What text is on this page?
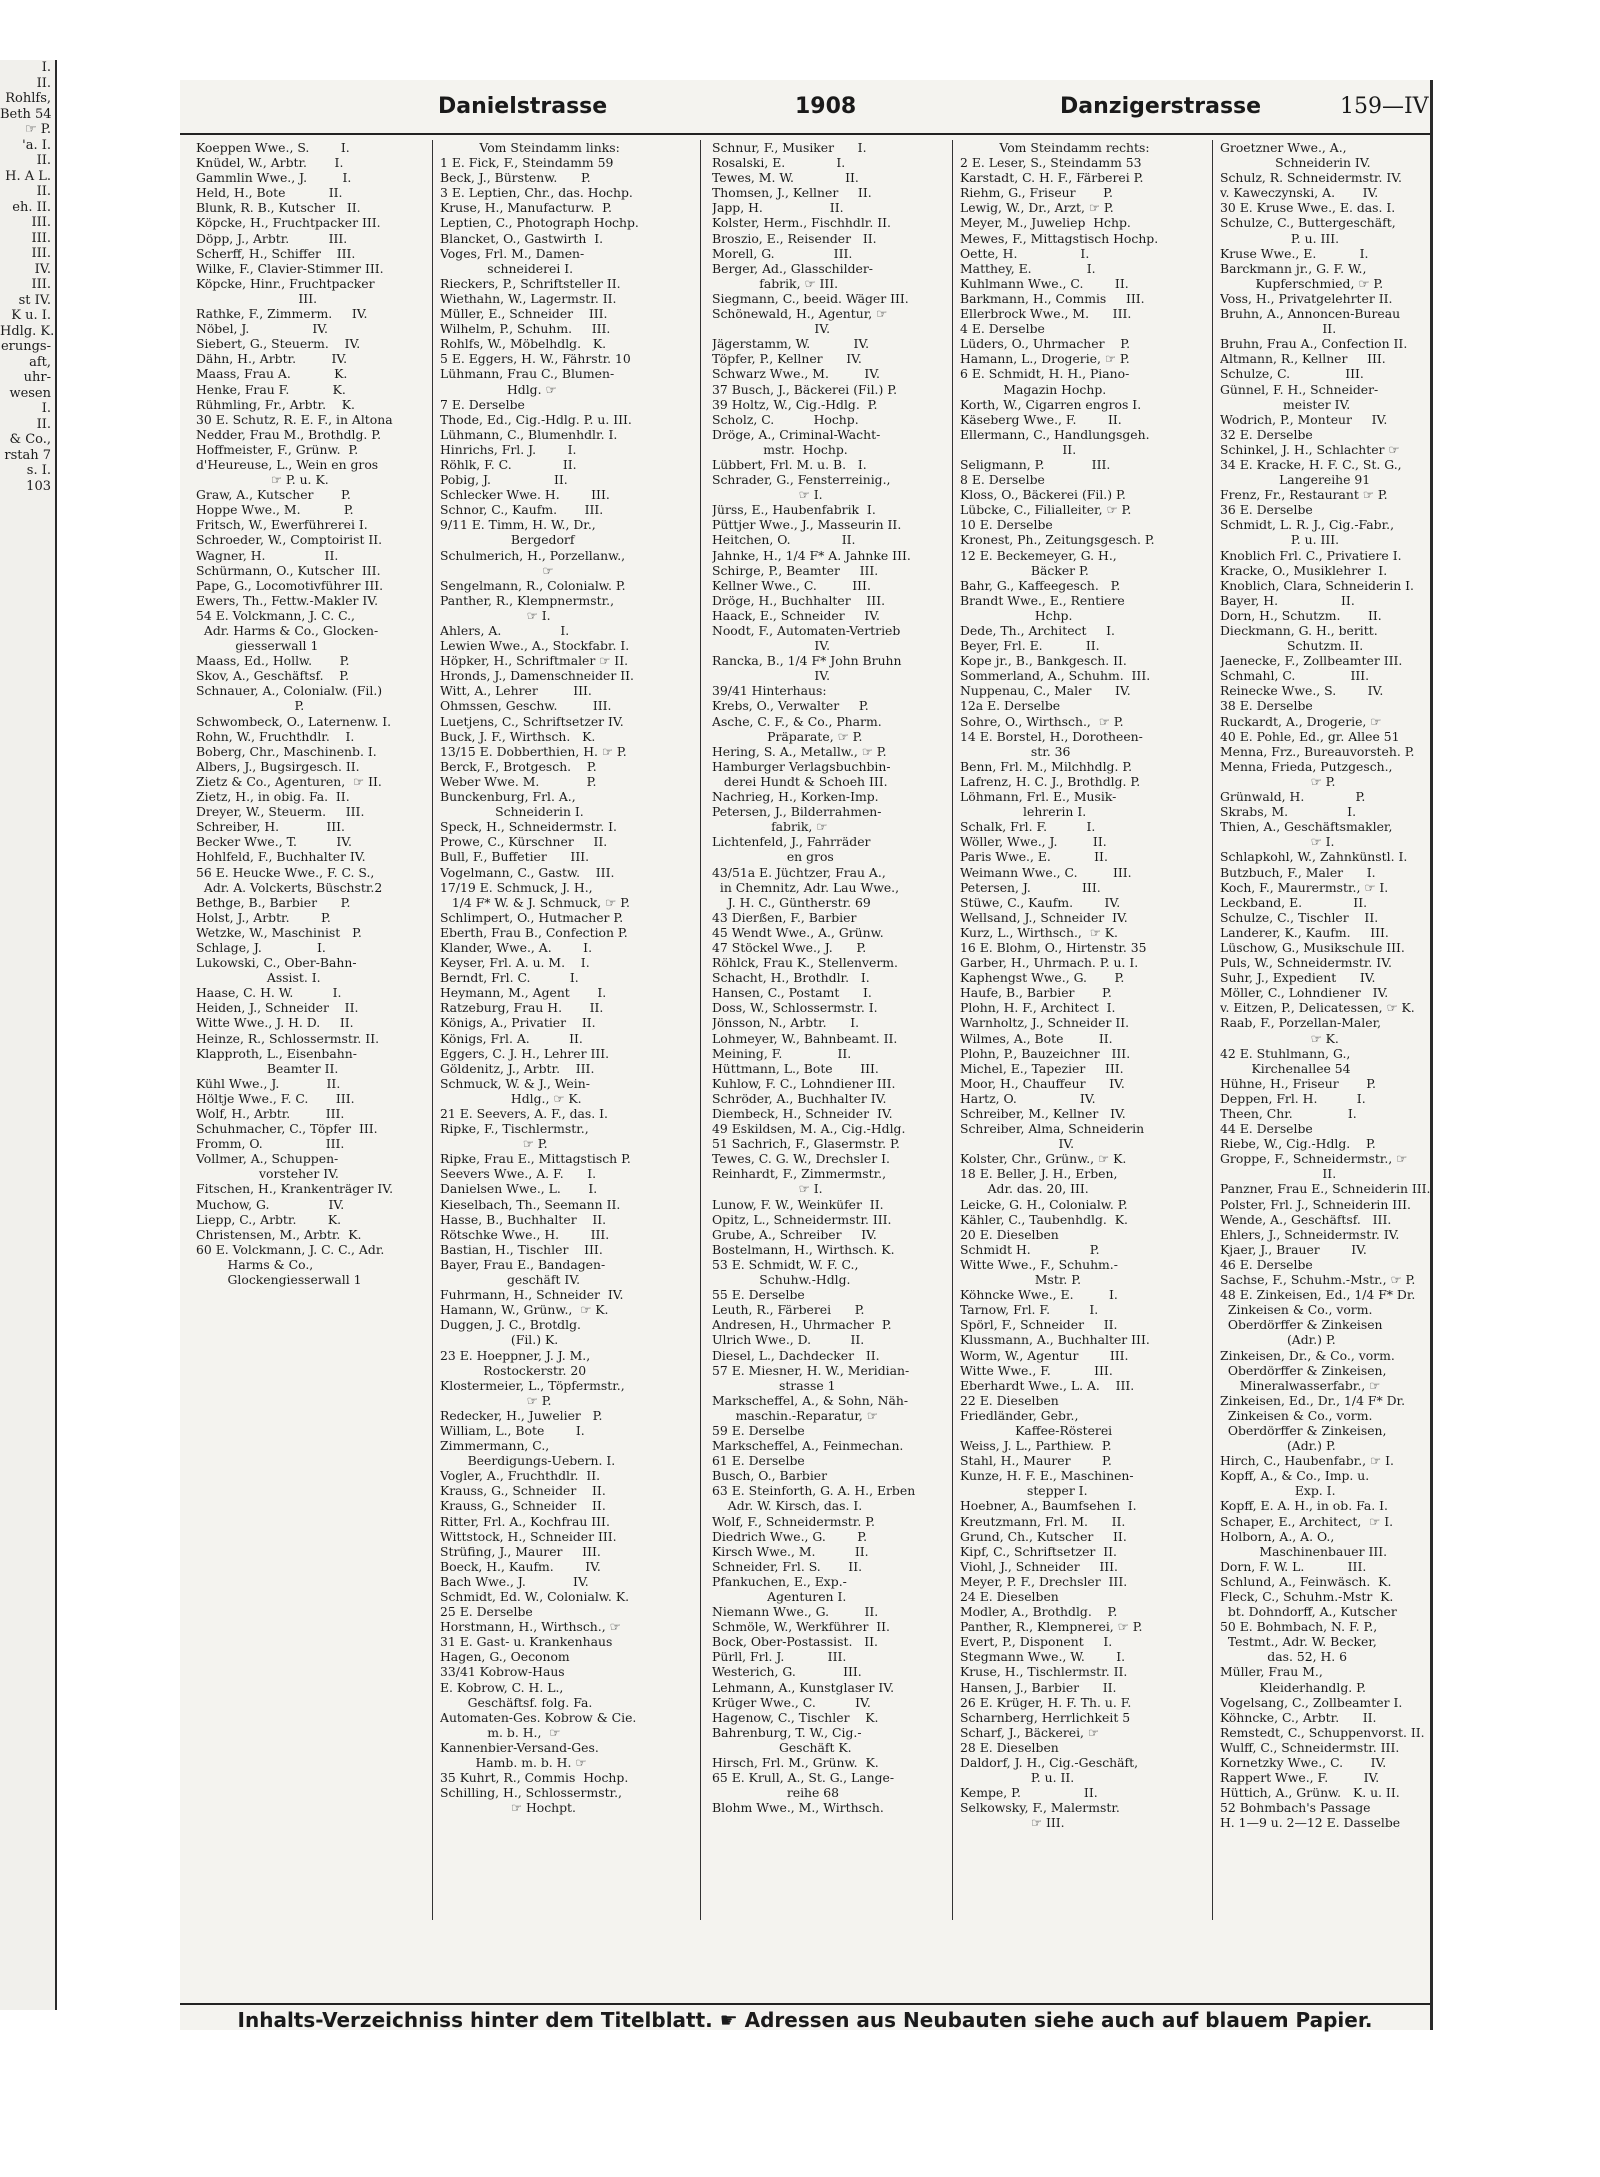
I.
II.
Rohlfs,
Beth 54
☞ P.
'a. I.
II.
H. A L.
II.
eh. II.
III.
III.
III.
IV.
III.
st IV.
K u. I.
Hdlg. K.
erungs-
aft,
uhr-
wesen
I.
II.
& Co.,
rstah 7
s. I.
103
Danielstrasse	1908	Danzigerstrasse	159—IV
Koeppen Wwe., S.        I.
Knüdel, W., Arbtr.       I.
Gammlin Wwe., J.         I.
Held, H., Bote           II.
Blunk, R. B., Kutscher   II.
Köpcke, H., Fruchtpacker III.
Döpp, J., Arbtr.          III.
Scherff, H., Schiffer    III.
Wilke, F., Clavier-Stimmer III.
Köpcke, Hinr., Fruchtpacker
III.
Rathke, F., Zimmerm.     IV.
Nöbel, J.                IV.
Siebert, G., Steuerm.    IV.
Dähn, H., Arbtr.         IV.
Maass, Frau A.           K.
Henke, Frau F.           K.
Rühmling, Fr., Arbtr.    K.
30 E. Schutz, R. E. F., in Altona
Nedder, Frau M., Brothdlg. P.
Hoffmeister, F., Grünw.  P.
d'Heureuse, L., Wein en gros
☞ P. u. K.
Graw, A., Kutscher       P.
Hoppe Wwe., M.           P.
Fritsch, W., Ewerführerei I.
Schroeder, W., Comptoirist II.
Wagner, H.               II.
Schürmann, O., Kutscher  III.
Pape, G., Locomotivführer III.
Ewers, Th., Fettw.-Makler IV.
54 E. Volckmann, J. C. C.,
Adr. Harms & Co., Glocken-
giesserwall 1
Maass, Ed., Hollw.       P.
Skov, A., Geschäftsf.    P.
Schnauer, A., Colonialw. (Fil.)
P.
Schwombeck, O., Laternenw. I.
Rohn, W., Fruchthdlr.    I.
Boberg, Chr., Maschinenb. I.
Albers, J., Bugsirgesch. II.
Zietz & Co., Agenturen,  ☞ II.
Zietz, H., in obig. Fa.  II.
Dreyer, W., Steuerm.     III.
Schreiber, H.            III.
Becker Wwe., T.          IV.
Hohlfeld, F., Buchhalter IV.
56 E. Heucke Wwe., F. C. S.,
Adr. A. Volckerts, Büschstr.2
Bethge, B., Barbier      P.
Holst, J., Arbtr.        P.
Wetzke, W., Maschinist   P.
Schlage, J.              I.
Lukowski, C., Ober-Bahn-
Assist. I.
Haase, C. H. W.          I.
Heiden, J., Schneider    II.
Witte Wwe., J. H. D.     II.
Heinze, R., Schlossermstr. II.
Klapproth, L., Eisenbahn-
Beamter II.
Kühl Wwe., J.            II.
Höltje Wwe., F. C.       III.
Wolf, H., Arbtr.         III.
Schuhmacher, C., Töpfer  III.
Fromm, O.                III.
Vollmer, A., Schuppen-
vorsteher IV.
Fitschen, H., Krankenträger IV.
Muchow, G.               IV.
Liepp, C., Arbtr.        K.
Christensen, M., Arbtr.  K.
60 E. Volckmann, J. C. C., Adr.
Harms & Co.,
Glockengiesserwall 1
Vom Steindamm links:
1 E. Fick, F., Steindamm 59
Beck, J., Bürstenw.      P.
3 E. Leptien, Chr., das. Hochp.
Kruse, H., Manufacturw.  P.
Leptien, C., Photograph Hochp.
Blancket, O., Gastwirth  I.
Voges, Frl. M., Damen-
schneiderei I.
Rieckers, P., Schriftsteller II.
Wiethahn, W., Lagermstr. II.
Müller, E., Schneider    III.
Wilhelm, P., Schuhm.     III.
Rohlfs, W., Möbelhdlg.   K.
5 E. Eggers, H. W., Fährstr. 10
Lühmann, Frau C., Blumen-
Hdlg. ☞
7 E. Derselbe
Thode, Ed., Cig.-Hdlg. P. u. III.
Lühmann, C., Blumenhdlr. I.
Hinrichs, Frl. J.        I.
Röhlk, F. C.             II.
Pobig, J.                II.
Schlecker Wwe. H.        III.
Schnor, C., Kaufm.       III.
9/11 E. Timm, H. W., Dr.,
Bergedorf
Schulmerich, H., Porzellanw.,
☞
Sengelmann, R., Colonialw. P.
Panther, R., Klempnermstr.,
☞ I.
Ahlers, A.               I.
Lewien Wwe., A., Stockfabr. I.
Höpker, H., Schriftmaler ☞ II.
Hronds, J., Damenschneider II.
Witt, A., Lehrer         III.
Ohmssen, Geschw.         III.
Luetjens, C., Schriftsetzer IV.
Buck, J. F., Wirthsch.   K.
13/15 E. Dobberthien, H. ☞ P.
Berck, F., Brotgesch.    P.
Weber Wwe. M.            P.
Bunckenburg, Frl. A.,
Schneiderin I.
Speck, H., Schneidermstr. I.
Prowe, C., Kürschner     II.
Bull, F., Buffetier      III.
Vogelmann, C., Gastw.    III.
17/19 E. Schmuck, J. H.,
1/4 F* W. & J. Schmuck, ☞ P.
Schlimpert, O., Hutmacher P.
Eberth, Frau B., Confection P.
Klander, Wwe., A.        I.
Keyser, Frl. A. u. M.    I.
Berndt, Frl. C.          I.
Heymann, M., Agent       I.
Ratzeburg, Frau H.       II.
Königs, A., Privatier    II.
Königs, Frl. A.          II.
Eggers, C. J. H., Lehrer III.
Göldenitz, J., Arbtr.    III.
Schmuck, W. & J., Wein-
Hdlg., ☞ K.
21 E. Seevers, A. F., das. I.
Ripke, F., Tischlermstr.,
☞ P.
Ripke, Frau E., Mittagstisch P.
Seevers Wwe., A. F.      I.
Danielsen Wwe., L.       I.
Kieselbach, Th., Seemann II.
Hasse, B., Buchhalter    II.
Rötschke Wwe., H.        III.
Bastian, H., Tischler    III.
Bayer, Frau E., Bandagen-
geschäft IV.
Fuhrmann, H., Schneider  IV.
Hamann, W., Grünw.,  ☞ K.
Duggen, J. C., Brotdlg.
(Fil.) K.
23 E. Hoeppner, J. J. M.,
Rostockerstr. 20
Klostermeier, L., Töpfermstr.,
☞ P.
Redecker, H., Juwelier   P.
William, L., Bote        I.
Zimmermann, C.,
Beerdigungs-Uebern. I.
Vogler, A., Fruchthdlr.  II.
Krauss, G., Schneider    II.
Krauss, G., Schneider    II.
Ritter, Frl. A., Kochfrau III.
Wittstock, H., Schneider III.
Strüfing, J., Maurer     III.
Boeck, H., Kaufm.        IV.
Bach Wwe., J.            IV.
Schmidt, Ed. W., Colonialw. K.
25 E. Derselbe
Horstmann, H., Wirthsch., ☞
31 E. Gast- u. Krankenhaus
Hagen, G., Oeconom
33/41 Kobrow-Haus
E. Kobrow, C. H. L.,
Geschäftsf. folg. Fa.
Automaten-Ges. Kobrow & Cie.
m. b. H.,  ☞
Kannenbier-Versand-Ges.
Hamb. m. b. H. ☞
35 Kuhrt, R., Commis  Hochp.
Schilling, H., Schlossermstr.,
☞ Hochpt.
Schnur, F., Musiker      I.
Rosalski, E.             I.
Tewes, M. W.             II.
Thomsen, J., Kellner     II.
Japp, H.                 II.
Kolster, Herm., Fischhdlr. II.
Broszio, E., Reisender   II.
Morell, G.               III.
Berger, Ad., Glasschilder-
fabrik, ☞ III.
Siegmann, C., beeid. Wäger III.
Schönewald, H., Agentur, ☞
IV.
Jägerstamm, W.           IV.
Töpfer, P., Kellner      IV.
Schwarz Wwe., M.         IV.
37 Busch, J., Bäckerei (Fil.) P.
39 Holtz, W., Cig.-Hdlg.  P.
Scholz, C.          Hochp.
Dröge, A., Criminal-Wacht-
mstr.  Hochp.
Lübbert, Frl. M. u. B.   I.
Schrader, G., Fensterreinig.,
☞ I.
Jürss, E., Haubenfabrik  I.
Püttjer Wwe., J., Masseurin II.
Heitchen, O.             II.
Jahnke, H., 1/4 F* A. Jahnke III.
Schirge, P., Beamter     III.
Kellner Wwe., C.         III.
Dröge, H., Buchhalter    III.
Haack, E., Schneider     IV.
Noodt, F., Automaten-Vertrieb
IV.
Rancka, B., 1/4 F* John Bruhn
IV.
39/41 Hinterhaus:
Krebs, O., Verwalter     P.
Asche, C. F., & Co., Pharm.
Präparate, ☞ P.
Hering, S. A., Metallw., ☞ P.
Hamburger Verlagsbuchbin-
derei Hundt & Schoeh III.
Nachrieg, H., Korken-Imp.
Petersen, J., Bilderrahmen-
fabrik, ☞
Lichtenfeld, J., Fahrräder
en gros
43/51a E. Jüchtzer, Frau A.,
in Chemnitz, Adr. Lau Wwe.,
J. H. C., Güntherstr. 69
43 Dierßen, F., Barbier
45 Wendt Wwe., A., Grünw.
47 Stöckel Wwe., J.      P.
Röhlck, Frau K., Stellenverm.
Schacht, H., Brothdlr.   I.
Hansen, C., Postamt      I.
Doss, W., Schlossermstr. I.
Jönsson, N., Arbtr.      I.
Lohmeyer, W., Bahnbeamt. II.
Meining, F.              II.
Hüttmann, L., Bote       III.
Kuhlow, F. C., Lohndiener III.
Schröder, A., Buchhalter IV.
Diembeck, H., Schneider  IV.
49 Eskildsen, M. A., Cig.-Hdlg.
51 Sachrich, F., Glasermstr. P.
Tewes, C. G. W., Drechsler I.
Reinhardt, F., Zimmermstr.,
☞ I.
Lunow, F. W., Weinküfer  II.
Opitz, L., Schneidermstr. III.
Grube, A., Schreiber     IV.
Bostelmann, H., Wirthsch. K.
53 E. Schmidt, W. F. C.,
Schuhw.-Hdlg.
55 E. Derselbe
Leuth, R., Färberei      P.
Andresen, H., Uhrmacher  P.
Ulrich Wwe., D.          II.
Diesel, L., Dachdecker   II.
57 E. Miesner, H. W., Meridian-
strasse 1
Markscheffel, A., & Sohn, Näh-
maschin.-Reparatur, ☞
59 E. Derselbe
Markscheffel, A., Feinmechan.
61 E. Derselbe
Busch, O., Barbier
63 E. Steinforth, G. A. H., Erben
Adr. W. Kirsch, das. I.
Wolf, F., Schneidermstr. P.
Diedrich Wwe., G.        P.
Kirsch Wwe., M.          II.
Schneider, Frl. S.       II.
Pfankuchen, E., Exp.-
Agenturen I.
Niemann Wwe., G.         II.
Schmöle, W., Werkführer  II.
Bock, Ober-Postassist.   II.
Pürll, Frl. J.           III.
Westerich, G.            III.
Lehmann, A., Kunstglaser IV.
Krüger Wwe., C.          IV.
Hagenow, C., Tischler    K.
Bahrenburg, T. W., Cig.-
Geschäft K.
Hirsch, Frl. M., Grünw.  K.
65 E. Krull, A., St. G., Lange-
reihe 68
Blohm Wwe., M., Wirthsch.
Vom Steindamm rechts:
2 E. Leser, S., Steindamm 53
Karstadt, C. H. F., Färberei P.
Riehm, G., Friseur       P.
Lewig, W., Dr., Arzt, ☞ P.
Meyer, M., Juweliер  Hchp.
Mewes, F., Mittagstisch Hochp.
Oette, H.                I.
Matthey, E.              I.
Kuhlmann Wwe., C.        II.
Barkmann, H., Commis     III.
Ellerbrock Wwe., M.      III.
4 E. Derselbe
Lüders, O., Uhrmacher    P.
Hamann, L., Drogerie, ☞ P.
6 E. Schmidt, H. H., Piano-
Magazin Hochp.
Korth, W., Cigarren engros I.
Käseberg Wwe., F.        II.
Ellermann, C., Handlungsgeh.
II.
Seligmann, P.            III.
8 E. Derselbe
Kloss, O., Bäckerei (Fil.) P.
Lübcke, C., Filialleiter, ☞ P.
10 E. Derselbe
Kronest, Ph., Zeitungsgesch. P.
12 E. Beckemeyer, G. H.,
Bäcker P.
Bahr, G., Kaffeegesch.   P.
Brandt Wwe., E., Rentiere
Hchp.
Dede, Th., Architect     I.
Beyer, Frl. E.           II.
Kope jr., B., Bankgesch. II.
Sommerland, A., Schuhm.  III.
Nuppenau, C., Maler      IV.
12a E. Derselbe
Sohre, O., Wirthsch.,  ☞ P.
14 E. Borstel, H., Dorotheen-
str. 36
Benn, Frl. M., Milchhdlg. P.
Lafrenz, H. C. J., Brothdlg. P.
Löhmann, Frl. E., Musik-
lehrerin I.
Schalk, Frl. F.          I.
Wöller, Wwe., J.         II.
Paris Wwe., E.           II.
Weimann Wwe., C.         III.
Petersen, J.             III.
Stüwe, C., Kaufm.        IV.
Wellsand, J., Schneider  IV.
Kurz, L., Wirthsch.,  ☞ K.
16 E. Blohm, O., Hirtenstr. 35
Garber, H., Uhrmach. P. u. I.
Kaphengst Wwe., G.       P.
Haufe, B., Barbier       P.
Plohn, H. F., Architect  I.
Warnholtz, J., Schneider II.
Wilmes, A., Bote         II.
Plohn, P., Bauzeichner   III.
Michel, E., Tapezier     III.
Moor, H., Chauffeur      IV.
Hartz, O.                IV.
Schreiber, M., Kellner   IV.
Schreiber, Alma, Schneiderin
IV.
Kolster, Chr., Grünw., ☞ K.
18 E. Beller, J. H., Erben,
Adr. das. 20, III.
Leicke, G. H., Colonialw. P.
Kähler, C., Taubenhdlg.  K.
20 E. Dieselben
Schmidt H.               P.
Witte Wwe., F., Schuhm.-
Mstr. P.
Köhncke Wwe., E.         I.
Tarnow, Frl. F.          I.
Spörl, F., Schneider     II.
Klussmann, A., Buchhalter III.
Worm, W., Agentur        III.
Witte Wwe., F.           III.
Eberhardt Wwe., L. A.    III.
22 E. Dieselben
Friedländer, Gebr.,
Kaffee-Rösterei
Weiss, J. L., Parthiew.  P.
Stahl, H., Maurer        P.
Kunze, H. F. E., Maschinen-
stepper I.
Hoebner, A., Baumfsehen  I.
Kreutzmann, Frl. M.      II.
Grund, Ch., Kutscher     II.
Kipf, C., Schriftsetzer  II.
Viohl, J., Schneider     III.
Meyer, P. F., Drechsler  III.
24 E. Dieselben
Modler, A., Brothdlg.    P.
Panther, R., Klempnerei, ☞ P.
Evert, P., Disponent     I.
Stegmann Wwe., W.        I.
Kruse, H., Tischlermstr. II.
Hansen, J., Barbier      II.
26 E. Krüger, H. F. Th. u. F.
Scharnberg, Herrlichkeit 5
Scharf, J., Bäckerei, ☞
28 E. Dieselben
Daldorf, J. H., Cig.-Geschäft,
P. u. II.
Kempe, P.                II.
Selkowsky, F., Malermstr.
☞ III.
Groetzner Wwe., A.,
Schneiderin IV.
Schulz, R. Schneidermstr. IV.
v. Kaweczynski, A.       IV.
30 E. Kruse Wwe., E. das. I.
Schulze, C., Buttergeschäft,
P. u. III.
Kruse Wwe., E.           I.
Barckmann jr., G. F. W.,
Kupferschmied, ☞ P.
Voss, H., Privatgelehrter II.
Bruhn, A., Annoncen-Bureau
II.
Bruhn, Frau A., Confection II.
Altmann, R., Kellner     III.
Schulze, C.              III.
Günnel, F. H., Schneider-
meister IV.
Wodrich, P., Monteur     IV.
32 E. Derselbe
Schinkel, J. H., Schlachter ☞
34 E. Kracke, H. F. C., St. G.,
Langereihe 91
Frenz, Fr., Restaurant ☞ P.
36 E. Derselbe
Schmidt, L. R. J., Cig.-Fabr.,
P. u. III.
Knoblich Frl. C., Privatiere I.
Kracke, O., Musiklehrer  I.
Knoblich, Clara, Schneiderin I.
Bayer, H.                II.
Dorn, H., Schutzm.       II.
Dieckmann, G. H., beritt.
Schutzm. II.
Jaenecke, F., Zollbeamter III.
Schmahl, C.              III.
Reinecke Wwe., S.        IV.
38 E. Derselbe
Ruckardt, A., Drogerie, ☞
40 E. Pohle, Ed., gr. Allee 51
Menna, Frz., Bureauvorsteh. P.
Menna, Frieda, Putzgesch.,
☞ P.
Grünwald, H.             P.
Skrabs, M.               I.
Thien, A., Geschäftsmakler,
☞ I.
Schlapkohl, W., Zahnkünstl. I.
Butzbuch, F., Maler      I.
Koch, F., Maurermstr., ☞ I.
Leckband, E.             II.
Schulze, C., Tischler    II.
Landerer, K., Kaufm.     III.
Lüschow, G., Musikschule III.
Puls, W., Schneidermstr. IV.
Suhr, J., Expedient      IV.
Möller, C., Lohndiener   IV.
v. Eitzen, P., Delicatessen, ☞ K.
Raab, F., Porzellan-Maler,
☞ K.
42 E. Stuhlmann, G.,
Kirchenallee 54
Hühne, H., Friseur       P.
Deppen, Frl. H.          I.
Theen, Chr.              I.
44 E. Derselbe
Riebe, W., Cig.-Hdlg.    P.
Groppe, F., Schneidermstr., ☞
II.
Panzner, Frau E., Schneiderin III.
Polster, Frl. J., Schneiderin III.
Wende, A., Geschäftsf.   III.
Ehlers, J., Schneidermstr. IV.
Kjaer, J., Brauer        IV.
46 E. Derselbe
Sachse, F., Schuhm.-Mstr., ☞ P.
48 E. Zinkeisen, Ed., 1/4 F* Dr.
Zinkeisen & Co., vorm.
Oberdörffer & Zinkeisen
(Adr.) P.
Zinkeisen, Dr., & Co., vorm.
Oberdörffer & Zinkeisen,
Mineralwasserfabr., ☞
Zinkeisen, Ed., Dr., 1/4 F* Dr.
Zinkeisen & Co., vorm.
Oberdörffer & Zinkeisen,
(Adr.) P.
Hirch, C., Haubenfabr., ☞ I.
Kopff, A., & Co., Imp. u.
Exp. I.
Kopff, E. A. H., in ob. Fa. I.
Schaper, E., Architect,  ☞ I.
Holborn, A., A. O.,
Maschinenbauer III.
Dorn, F. W. L.           III.
Schlund, A., Feinwäsch.  K.
Fleck, C., Schuhm.-Mstr  K.
bt. Dohndorff, A., Kutscher
50 E. Bohmbach, N. F. P.,
Testmt., Adr. W. Becker,
das. 52, H. 6
Müller, Frau M.,
Kleiderhandlg. P.
Vogelsang, C., Zollbeamter I.
Köhncke, C., Arbtr.      II.
Remstedt, C., Schuppenvorst. II.
Wulff, C., Schneidermstr. III.
Kornetzky Wwe., C.       IV.
Rappert Wwe., F.         IV.
Hüttich, A., Grünw.   K. u. II.
52 Bohmbach's Passage
H. 1—9 u. 2—12 E. Dasselbe
Inhalts-Verzeichniss hinter dem Titelblatt. ☛ Adressen aus Neubauten siehe auch auf blauem Papier.
